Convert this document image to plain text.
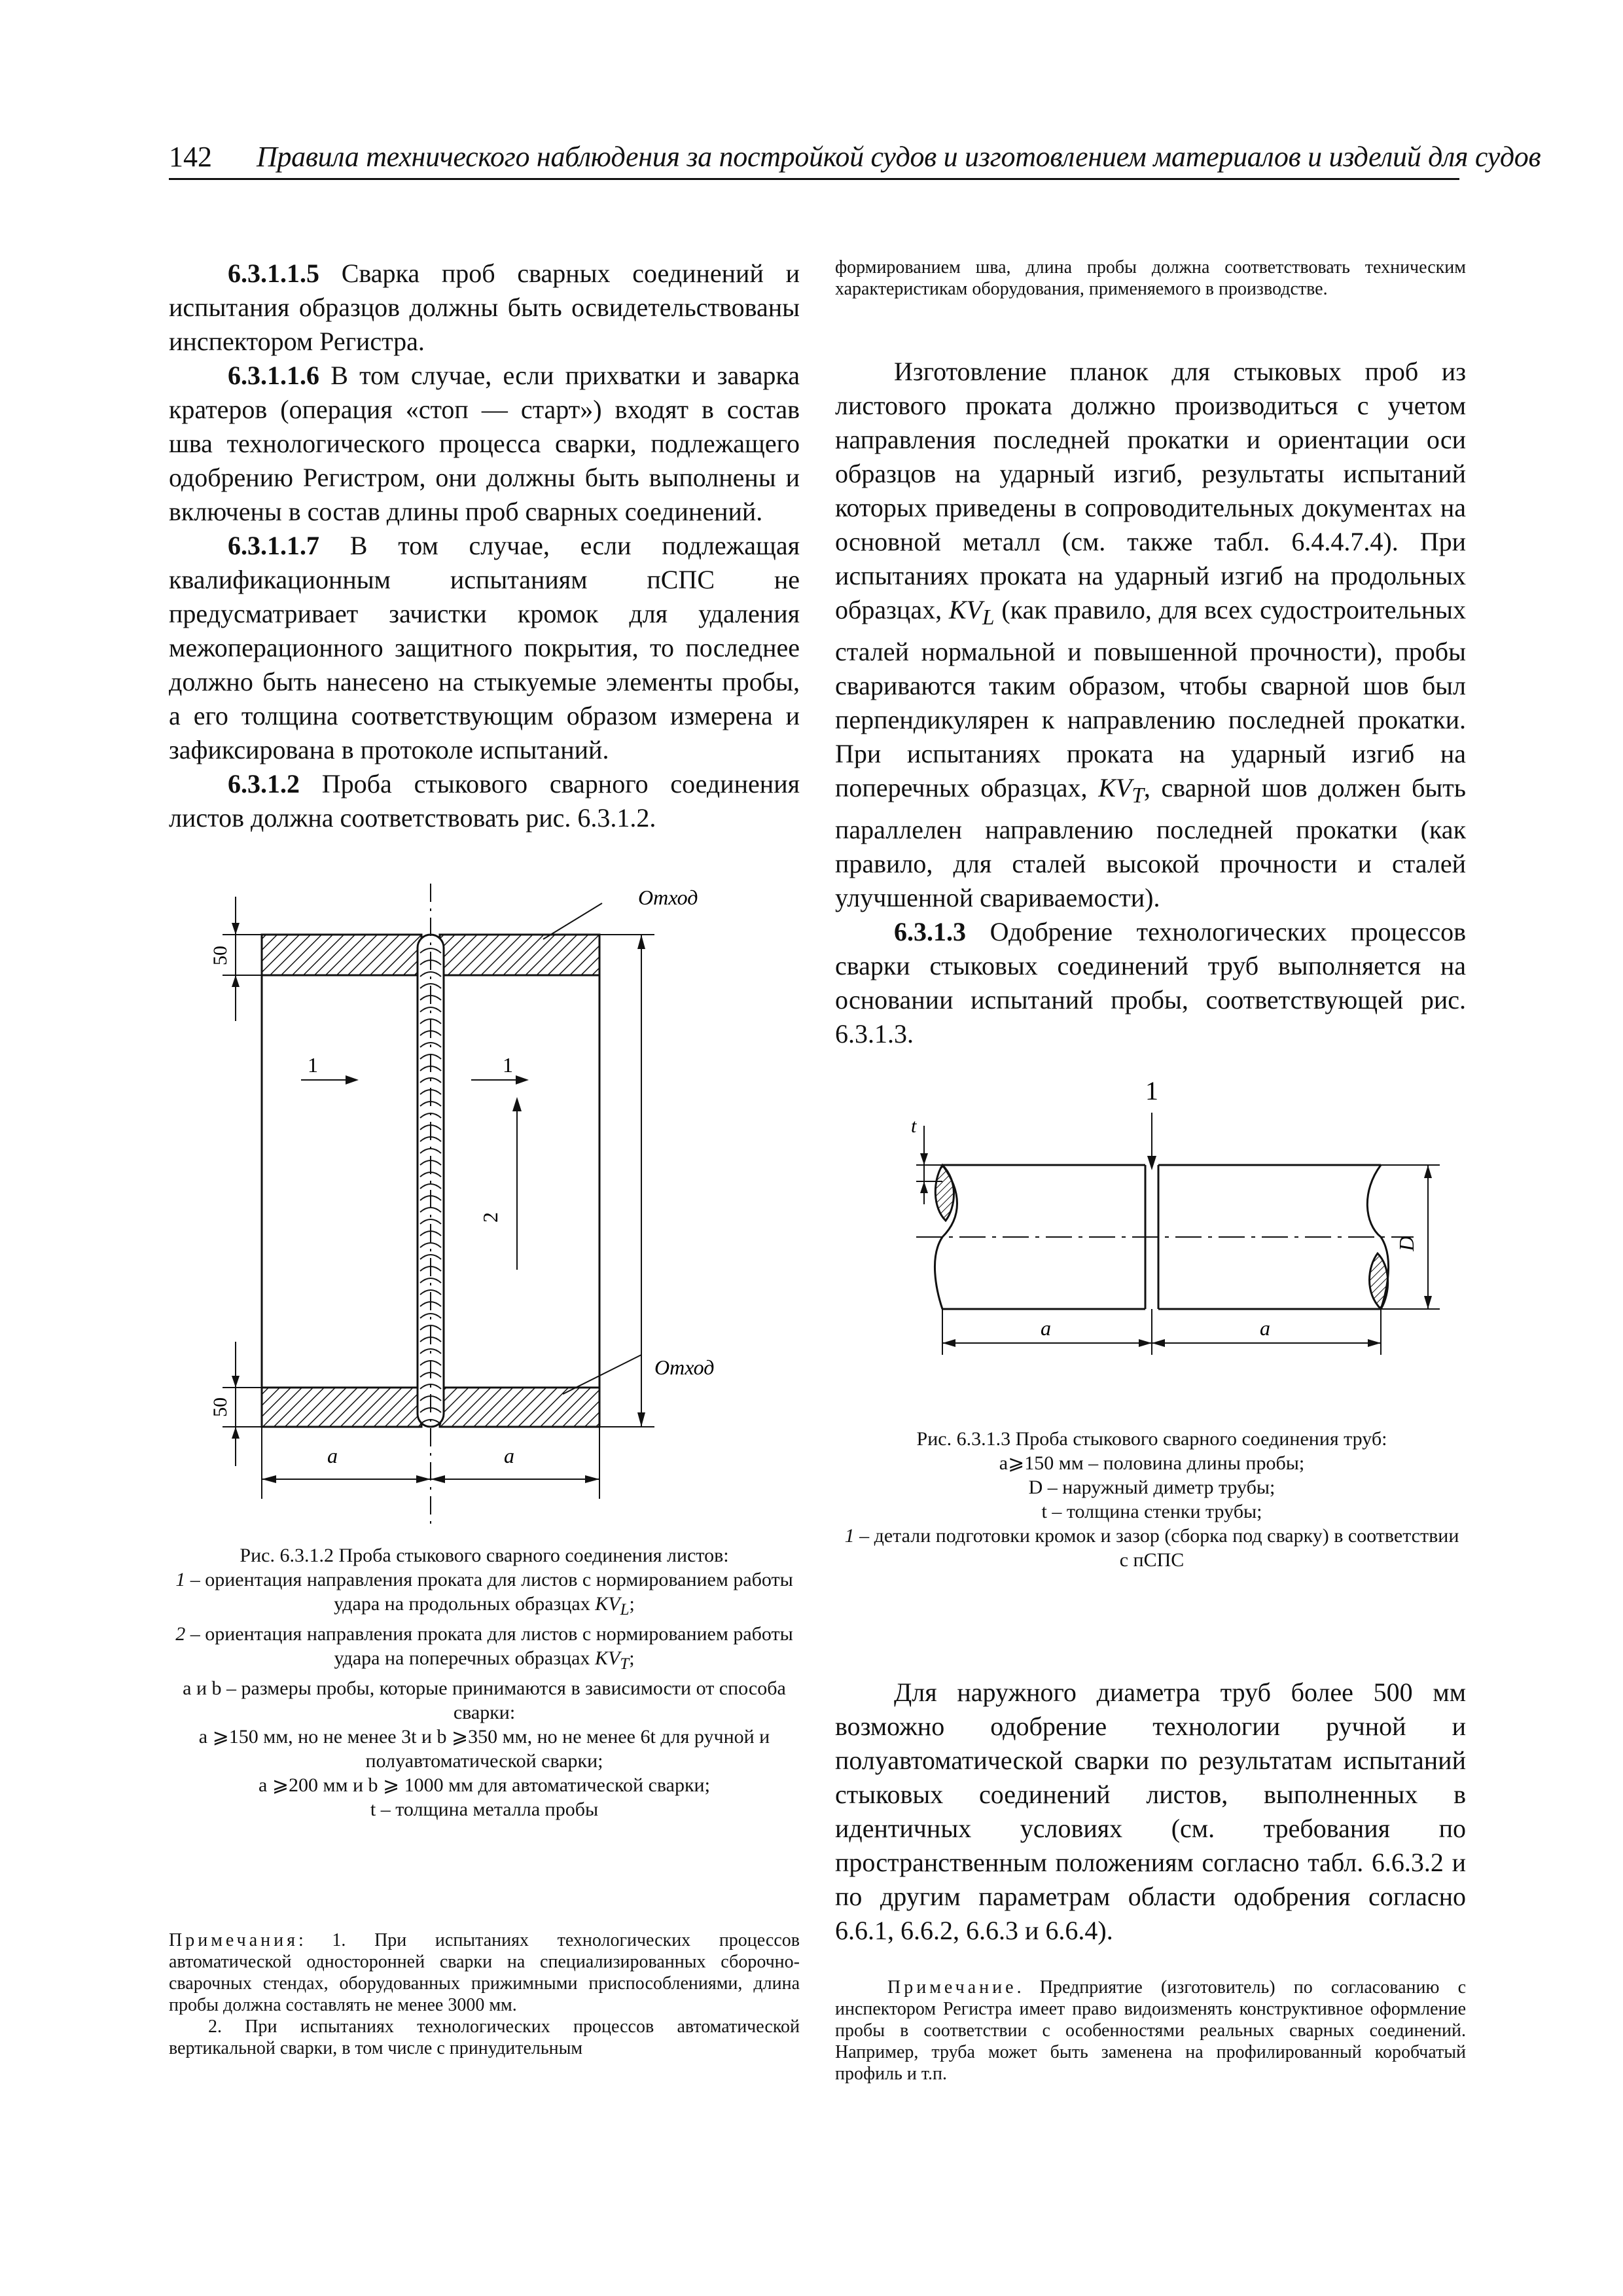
142 Правила технического наблюдения за постройкой судов и изготовлением материалов и изделий для судов

6.3.1.1.5 Сварка проб сварных соединений и испытания образцов должны быть освидетельствованы инспектором Регистра.

6.3.1.1.6 В том случае, если прихватки и заварка кратеров (операция «стоп — старт») входят в состав шва технологического процесса сварки, подлежащего одобрению Регистром, они должны быть выполнены и включены в состав длины проб сварных соединений.

6.3.1.1.7 В том случае, если подлежащая квалификационным испытаниям пСПС не предусматривает зачистки кромок для удаления межоперационного защитного покрытия, то последнее должно быть нанесено на стыкуемые элементы пробы, а его толщина соответствующим образом измерена и зафиксирована в протоколе испытаний.

6.3.1.2 Проба стыкового сварного соединения листов должна соответствовать рис. 6.3.1.2.

50
50
Отход
Отход
1	1
2
a	a

Рис. 6.3.1.2 Проба стыкового сварного соединения листов:

1 – ориентация направления проката для листов с нормированием работы удара на продольных образцах $KV_L$;

2 – ориентация направления проката для листов с нормированием работы удара на поперечных образцах $KV_T$;

a и b – размеры пробы, которые принимаются в зависимости от способа сварки:

a ⩾150 мм, но не менее 3t и b ⩾350 мм, но не менее 6t для ручной и полуавтоматической сварки;

a ⩾200 мм и b ⩾ 1000 мм для автоматической сварки;

t – толщина металла пробы

Примечания: 1. При испытаниях технологических процессов автоматической односторонней сварки на специализированных сборочно-сварочных стендах, оборудованных прижимными приспособлениями, длина пробы должна составлять не менее 3000 мм.

2. При испытаниях технологических процессов автоматической вертикальной сварки, в том числе с принудительным

формированием шва, длина пробы должна соответствовать техническим характеристикам оборудования, применяемого в производстве.

Изготовление планок для стыковых проб из листового проката должно производиться с учетом направления последней прокатки и ориентации оси образцов на ударный изгиб, результаты испытаний которых приведены в сопроводительных документах на основной металл (см. также табл. 6.4.4.7.4). При испытаниях проката на ударный изгиб на продольных образцах, $KV_L$ (как правило, для всех судостроительных сталей нормальной и повышенной прочности), пробы свариваются таким образом, чтобы сварной шов был перпендикулярен к направлению последней прокатки. При испытаниях проката на ударный изгиб на поперечных образцах, $KV_T$, сварной шов должен быть параллелен направлению последней прокатки (как правило, для сталей высокой прочности и сталей улучшенной свариваемости).

6.3.1.3 Одобрение технологических процессов сварки стыковых соединений труб выполняется на основании испытаний пробы, соответствующей рис. 6.3.1.3.

1
t
D
a	a

Рис. 6.3.1.3 Проба стыкового сварного соединения труб:

a⩾150 мм – половина длины пробы;

D – наружный диметр трубы;

t – толщина стенки трубы;

1 – детали подготовки кромок и зазор (сборка под сварку) в соответствии с пСПС

Для наружного диаметра труб более 500 мм возможно одобрение технологии ручной и полуавтоматической сварки по результатам испытаний стыковых соединений листов, выполненных в идентичных условиях (см. требования по пространственным положениям согласно табл. 6.6.3.2 и по другим параметрам области одобрения согласно 6.6.1, 6.6.2, 6.6.3 и 6.6.4).

Примечание. Предприятие (изготовитель) по согласованию с инспектором Регистра имеет право видоизменять конструктивное оформление пробы в соответствии с особенностями реальных сварных соединений. Например, труба может быть заменена на профилированный коробчатый профиль и т.п.
